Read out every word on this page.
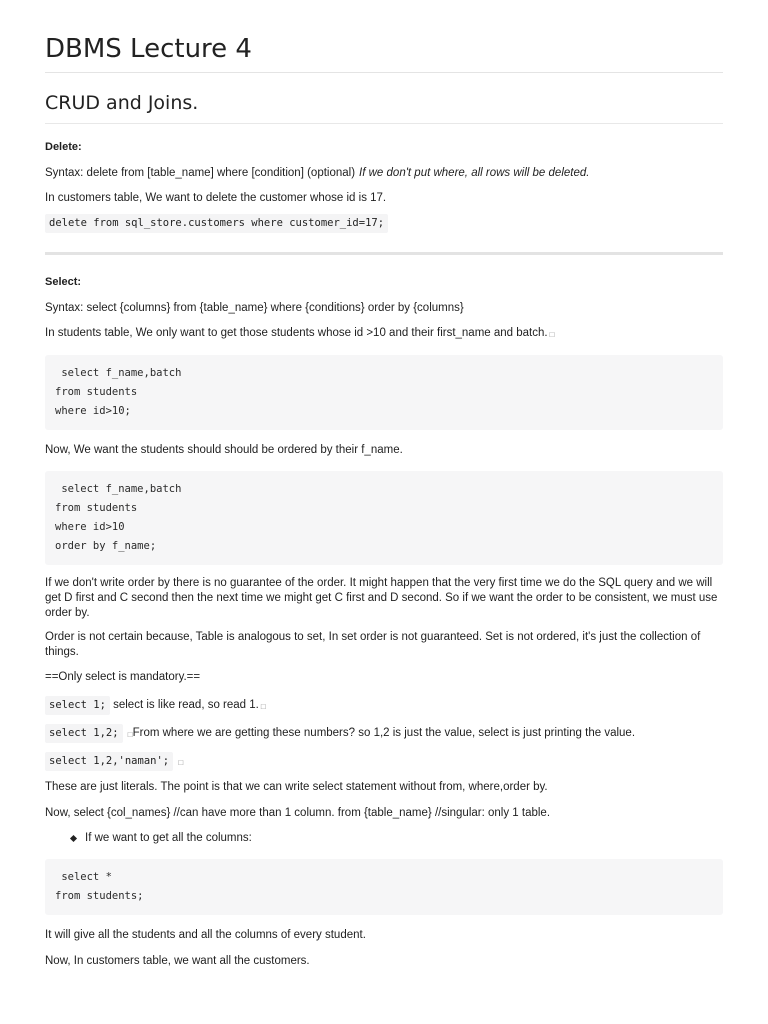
DBMS Lecture 4
CRUD and Joins.

Delete:

Syntax: delete from [table_name] where [condition] (optional) If we don't put where, all rows will be deleted.

In customers table, We want to delete the customer whose id is 17.

delete from sql_store.customers where customer_id=17;

Select:

Syntax: select {columns} from {table_name} where {conditions} order by {columns}

In students table, We only want to get those students whose id >10 and their first_name and batch. □

select f_name,batch
from students
where id>10;

Now, We want the students should should be ordered by their f_name.

select f_name,batch
from students
where id>10
order by f_name;

If we don't write order by there is no guarantee of the order. It might happen that the very first time we do the SQL query and we will get D first and C second then the next time we might get C first and D second. So if we want the order to be consistent, we must use order by.

Order is not certain because, Table is analogous to set, In set order is not guaranteed. Set is not ordered, it's just the collection of things.

==Only select is mandatory.==

select 1; select is like read, so read 1. □

select 1,2; □From where we are getting these numbers? so 1,2 is just the value, select is just printing the value.

select 1,2,'naman'; □

These are just literals. The point is that we can write select statement without from, where,order by.

Now, select {col_names} //can have more than 1 column. from {table_name} //singular: only 1 table.

If we want to get all the columns:
select *
from students;

It will give all the students and all the columns of every student.

Now, In customers table, we want all the customers.
